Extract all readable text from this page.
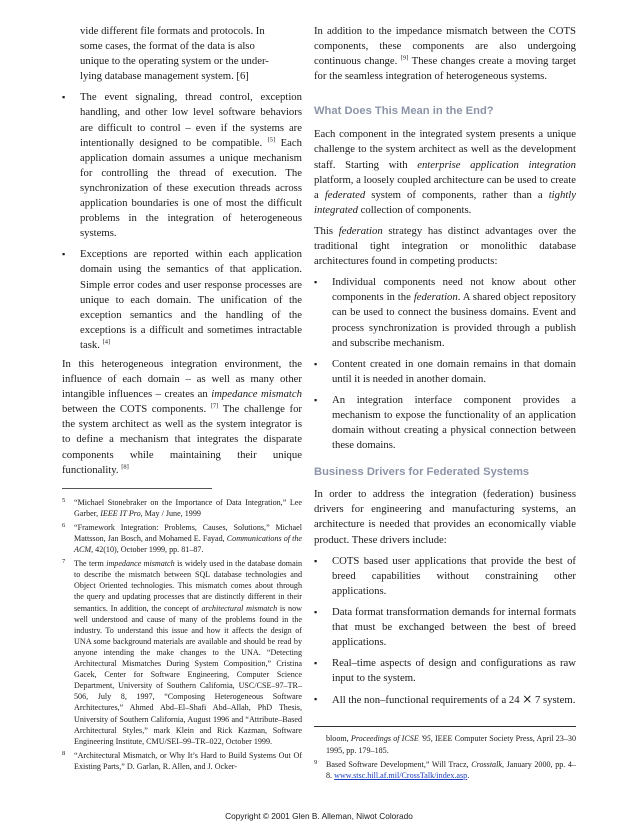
vide different file formats and protocols. In

some cases, the format of the data is also

unique to the operating system or the under-

lying database management system. [6]

▪ The event signaling, thread control, exception handling, and other low level software behaviors are difficult to control – even if the systems are intentionally designed to be compatible. [5] Each application domain assumes a unique mechanism for controlling the thread of execution. The synchronization of these execution threads across application boundaries is one of most the difficult problems in the integration of heterogeneous systems.
▪ Exceptions are reported within each application domain using the semantics of that application. Simple error codes and user response processes are unique to each domain. The unification of the exception semantics and the handling of the exceptions is a difficult and sometimes intractable task. [4]

In this heterogeneous integration environment, the influence of each domain – as well as many other intangible influences – creates an impedance mismatch between the COTS components. [7] The challenge for the system architect as well as the system integrator is to define a mechanism that integrates the disparate components while maintaining their unique functionality. [8]

5 “Michael Stonebraker on the Importance of Data Integration,” Lee Garber, IEEE IT Pro, May / June, 1999

6 “Framework Integration: Problems, Causes, Solutions,” Michael Mattsson, Jan Bosch, and Mohamed E. Fayad, Communications of the ACM, 42(10), October 1999, pp. 81–87.

7 The term impedance mismatch is widely used in the database domain to describe the mismatch between SQL database technologies and Object Oriented technologies. This mismatch comes about through the query and updating processes that are distinctly different in their semantics. In addition, the concept of architectural mismatch is now well understood and cause of many of the problems found in the industry. To understand this issue and how it affects the design of UNA some background materials are available and should be read by anyone intending the make changes to the UNA. “Detecting Architectural Mismatches During System Composition,” Cristina Gacek, Center for Software Engineering, Computer Science Department, University of Southern California, USC/CSE–97–TR–506, July 8, 1997, “Composing Heterogeneous Software Architectures,” Ahmed Abd–El–Shafi Abd–Allah, PhD Thesis, University of Southern California, August 1996 and “Attribute–Based Architectural Styles,” mark Klein and Rick Kazman, Software Engineering Institute, CMU/SEI–99–TR–022, October 1999.

8 “Architectural Mismatch, or Why It’s Hard to Build Systems Out Of Existing Parts,” D. Garlan, R. Allen, and J. Ocker-

In addition to the impedance mismatch between the COTS components, these components are also undergoing continuous change. [9] These changes create a moving target for the seamless integration of heterogeneous systems.

What Does This Mean in the End?

Each component in the integrated system presents a unique challenge to the system architect as well as the development staff. Starting with enterprise application integration platform, a loosely coupled architecture can be used to create a federated system of components, rather than a tightly integrated collection of components.

This federation strategy has distinct advantages over the traditional tight integration or monolithic database architectures found in competing products:

▪ Individual components need not know about other components in the federation. A shared object repository can be used to connect the business domains. Event and process synchronization is provided through a publish and subscribe mechanism.
▪ Content created in one domain remains in that domain until it is needed in another domain.
▪ An integration interface component provides a mechanism to expose the functionality of an application domain without creating a physical connection between these domains.
Business Drivers for Federated Systems

In order to address the integration (federation) business drivers for engineering and manufacturing systems, an architecture is needed that provides an economically viable product. These drivers include:

▪ COTS based user applications that provide the best of breed capabilities without constraining other applications.
▪ Data format transformation demands for internal formats that must be exchanged between the best of breed applications.
▪ Real–time aspects of design and configurations as raw input to the system.
▪ All the non–functional requirements of a 24 × 7 system.

bloom, Proceedings of ICSE '95, IEEE Computer Society Press, April 23–30 1995, pp. 179–185.

9 Based Software Development,” Will Tracz, Crosstalk, January 2000, pp. 4–8. www.stsc.hill.af.mil/CrossTalk/index.asp.

Copyright © 2001 Glen B. Alleman, Niwot Colorado
